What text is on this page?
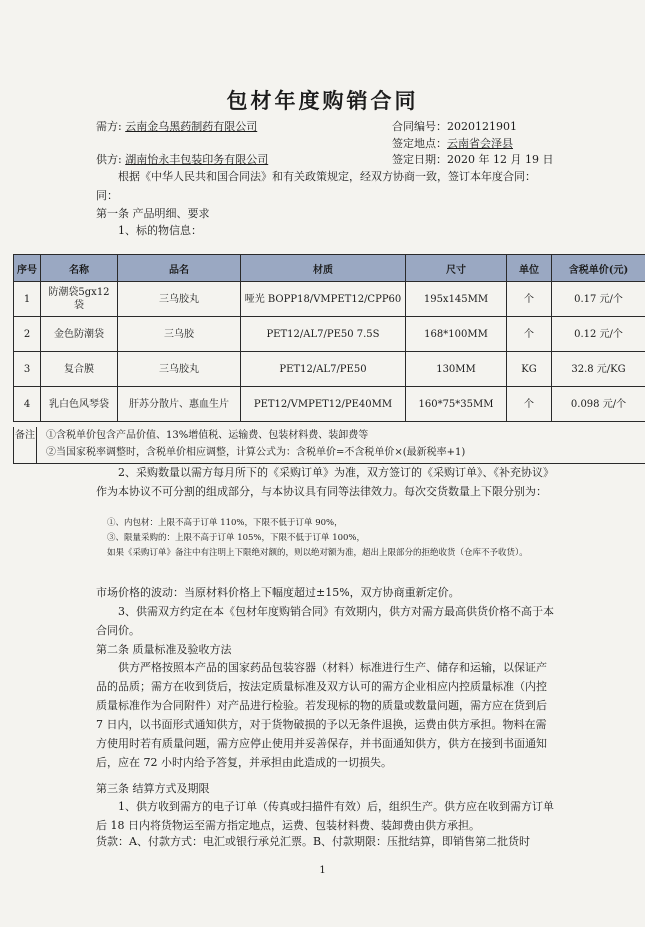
包材年度购销合同
需方: 云南金乌黑药制药有限公司	合同编号：2020121901
签定地点：云南省会泽县
供方: 湖南怡永丰包装印务有限公司	签定日期：2020 年 12 月 19 日
根据《中华人民共和国合同法》和有关政策规定，经双方协商一致，签订本年度合同：
同：
第一条 产品明细、要求
1、标的物信息：
序号	名称	品名	材质	尺寸	单位	含税单价(元)
1	防潮袋5gx12 袋	三乌胶丸	哑光 BOPP18/VMPET12/CPP60	195x145MM	个	0.17 元/个
2	金色防潮袋	三乌胶	PET12/AL7/PE50 7.5S	168*100MM	个	0.12 元/个
3	复合膜	三乌胶丸	PET12/AL7/PE50	130MM	KG	32.8 元/KG
4	乳白色风琴袋	肝苏分散片、惠血生片	PET12/VMPET12/PE40MM	160*75*35MM	个	0.098 元/个
备注 ①含税单价包含产品价值、13%增值税、运输费、包装材料费、装卸费等
②当国家税率调整时，含税单价相应调整，计算公式为：含税单价=不含税单价×(最新税率+1)
2、采购数量以需方每月所下的《采购订单》为准，双方签订的《采购订单》、《补充协议》作为本协议不可分割的组成部分，与本协议具有同等法律效力。每次交货数量上下限分别为：
①、内包材：上限不高于订单 110%，下限不低于订单 90%，
③、限量采购的：上限不高于订单 105%，下限不低于订单 100%，
如果《采购订单》备注中有注明上下限绝对额的，则以绝对额为准，超出上限部分的拒绝收货（仓库不予收货）。
市场价格的波动：当原材料价格上下幅度超过±15%，双方协商重新定价。
3、供需双方约定在本《包材年度购销合同》有效期内，供方对需方最高供货价格不高于本合同价。
第二条 质量标准及验收方法
供方严格按照本产品的国家药品包装容器（材料）标准进行生产、储存和运输，以保证产品的品质；需方在收到货后，按法定质量标准及双方认可的需方企业相应内控质量标准（内控质量标准作为合同附件）对产品进行检验。若发现标的物的质量或数量问题，需方应在货到后 7 日内，以书面形式通知供方，对于货物破损的予以无条件退换，运费由供方承担。物料在需方使用时若有质量问题，需方应停止使用并妥善保存，并书面通知供方，供方在接到书面通知后，应在 72 小时内给予答复，并承担由此造成的一切损失。
第三条 结算方式及期限
1、供方收到需方的电子订单（传真或扫描件有效）后，组织生产。供方应在收到需方订单后 18 日内将货物运至需方指定地点，运费、包装材料费、装卸费由供方承担。
货款：A、付款方式：电汇或银行承兑汇票。B、付款期限：压批结算，即销售第二批货时
1
